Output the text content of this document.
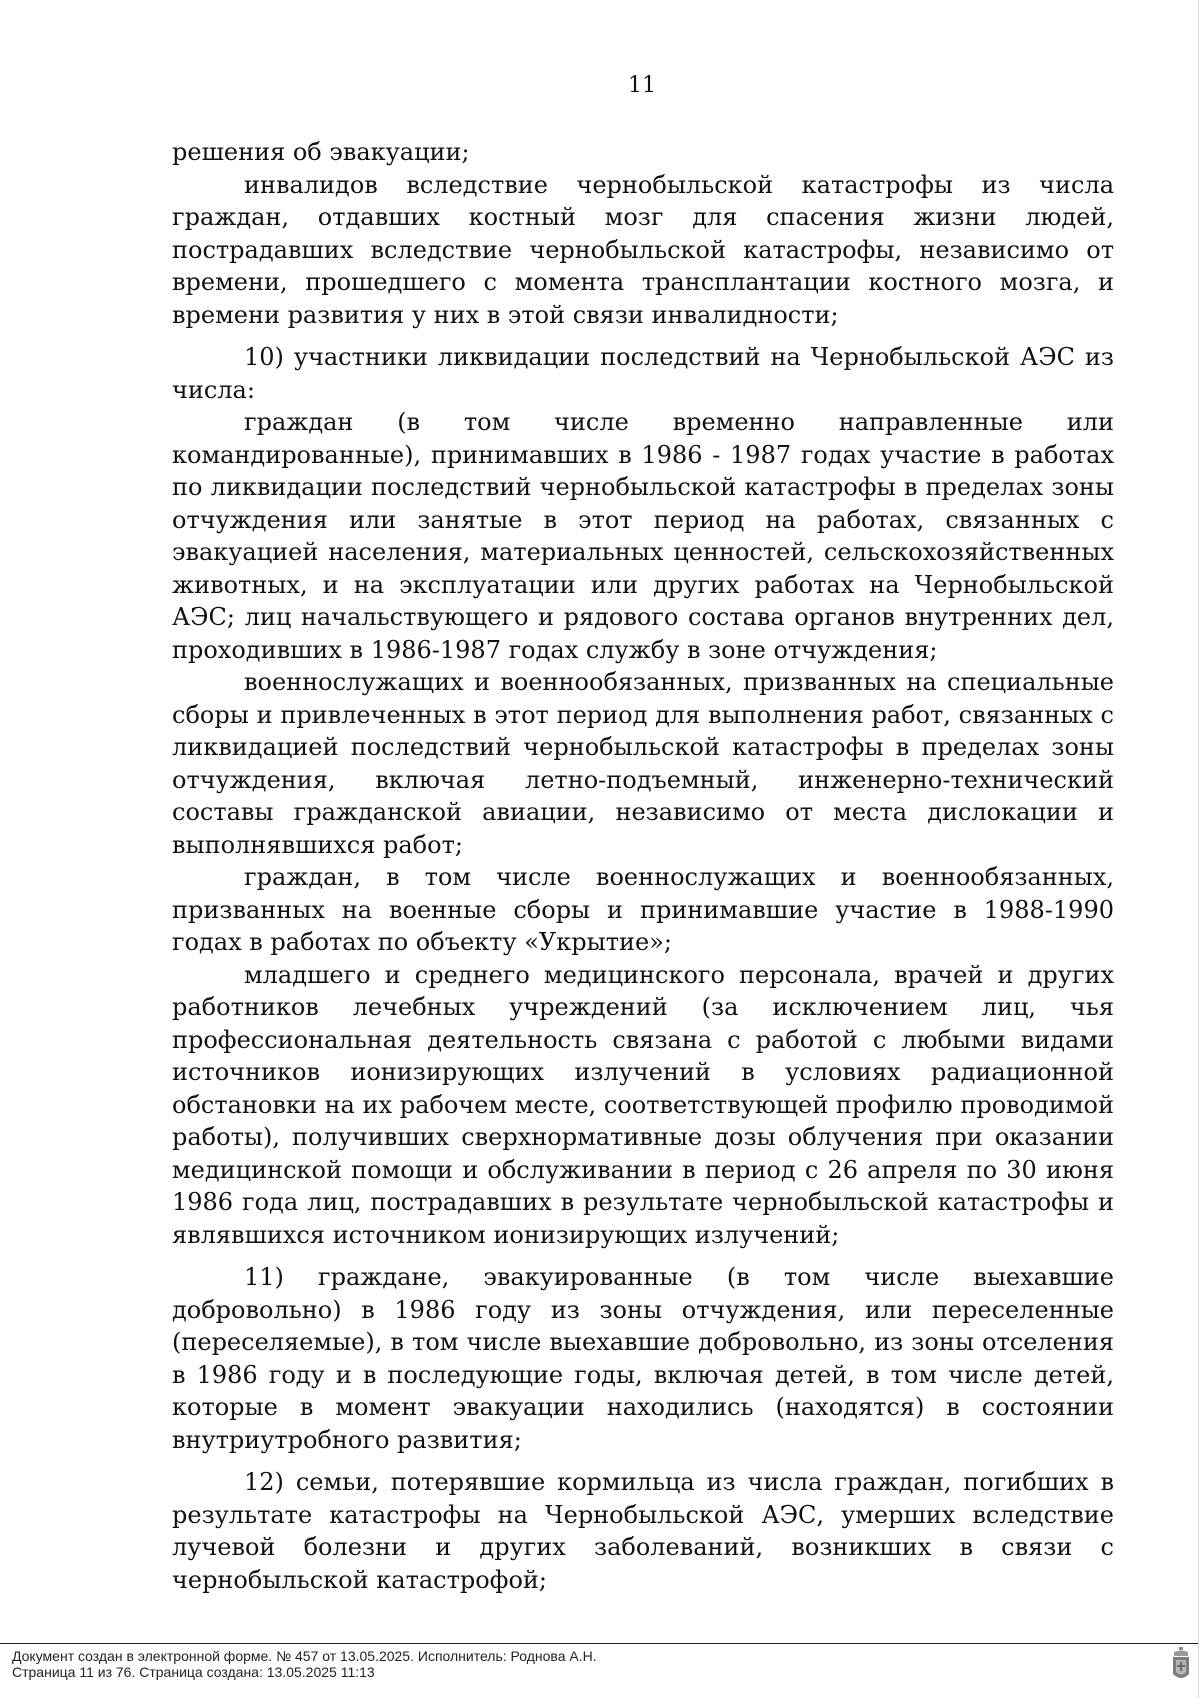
11

решения об эвакуации;

инвалидов вследствие чернобыльской катастрофы из числа граждан, отдавших костный мозг для спасения жизни людей, пострадавших вследствие чернобыльской катастрофы, независимо от времени, прошедшего с момента трансплантации костного мозга, и времени развития у них в этой связи инвалидности;

10) участники ликвидации последствий на Чернобыльской АЭС из числа:

граждан (в том числе временно направленные или командированные), принимавших в 1986 - 1987 годах участие в работах по ликвидации последствий чернобыльской катастрофы в пределах зоны отчуждения или занятые в этот период на работах, связанных с эвакуацией населения, материальных ценностей, сельскохозяйственных животных, и на эксплуатации или других работах на Чернобыльской АЭС; лиц начальствующего и рядового состава органов внутренних дел, проходивших в 1986-1987 годах службу в зоне отчуждения;

военнослужащих и военнообязанных, призванных на специальные сборы и привлеченных в этот период для выполнения работ, связанных с ликвидацией последствий чернобыльской катастрофы в пределах зоны отчуждения, включая летно-подъемный, инженерно-технический составы гражданской авиации, независимо от места дислокации и выполнявшихся работ;

граждан, в том числе военнослужащих и военнообязанных, призванных на военные сборы и принимавшие участие в 1988-1990 годах в работах по объекту «Укрытие»;

младшего и среднего медицинского персонала, врачей и других работников лечебных учреждений (за исключением лиц, чья профессиональная деятельность связана с работой с любыми видами источников ионизирующих излучений в условиях радиационной обстановки на их рабочем месте, соответствующей профилю проводимой работы), получивших сверхнормативные дозы облучения при оказании медицинской помощи и обслуживании в период с 26 апреля по 30 июня 1986 года лиц, пострадавших в результате чернобыльской катастрофы и являвшихся источником ионизирующих излучений;

11) граждане, эвакуированные (в том числе выехавшие добровольно) в 1986 году из зоны отчуждения, или переселенные (переселяемые), в том числе выехавшие добровольно, из зоны отселения в 1986 году и в последующие годы, включая детей, в том числе детей, которые в момент эвакуации находились (находятся) в состоянии внутриутробного развития;

12) семьи, потерявшие кормильца из числа граждан, погибших в результате катастрофы на Чернобыльской АЭС, умерших вследствие лучевой болезни и других заболеваний, возникших в связи с чернобыльской катастрофой;

Документ создан в электронной форме. № 457 от 13.05.2025. Исполнитель: Роднова А.Н.
Страница 11 из 76. Страница создана: 13.05.2025 11:13
